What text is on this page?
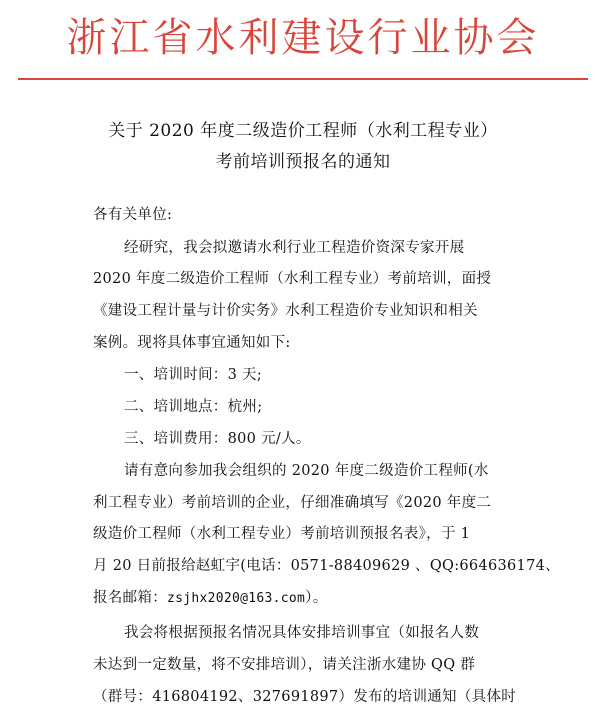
浙江省水利建设行业协会
关于 2020 年度二级造价工程师（水利工程专业）
考前培训预报名的通知
各有关单位:
经研究，我会拟邀请水利行业工程造价资深专家开展
2020 年度二级造价工程师（水利工程专业）考前培训，面授
《建设工程计量与计价实务》水利工程造价专业知识和相关
案例。现将具体事宜通知如下:
一、培训时间：3 天;
二、培训地点：杭州;
三、培训费用：800 元/人。
请有意向参加我会组织的 2020 年度二级造价工程师(水
利工程专业）考前培训的企业，仔细准确填写《2020 年度二
级造价工程师（水利工程专业）考前培训预报名表》，于 1
月 20 日前报给赵虹宇(电话：0571-88409629 、QQ:664636174、
报名邮箱：zsjhx2020@163.com）。
我会将根据预报名情况具体安排培训事宜（如报名人数
未达到一定数量，将不安排培训），请关注浙水建协 QQ 群
（群号：416804192、327691897）发布的培训通知（具体时
